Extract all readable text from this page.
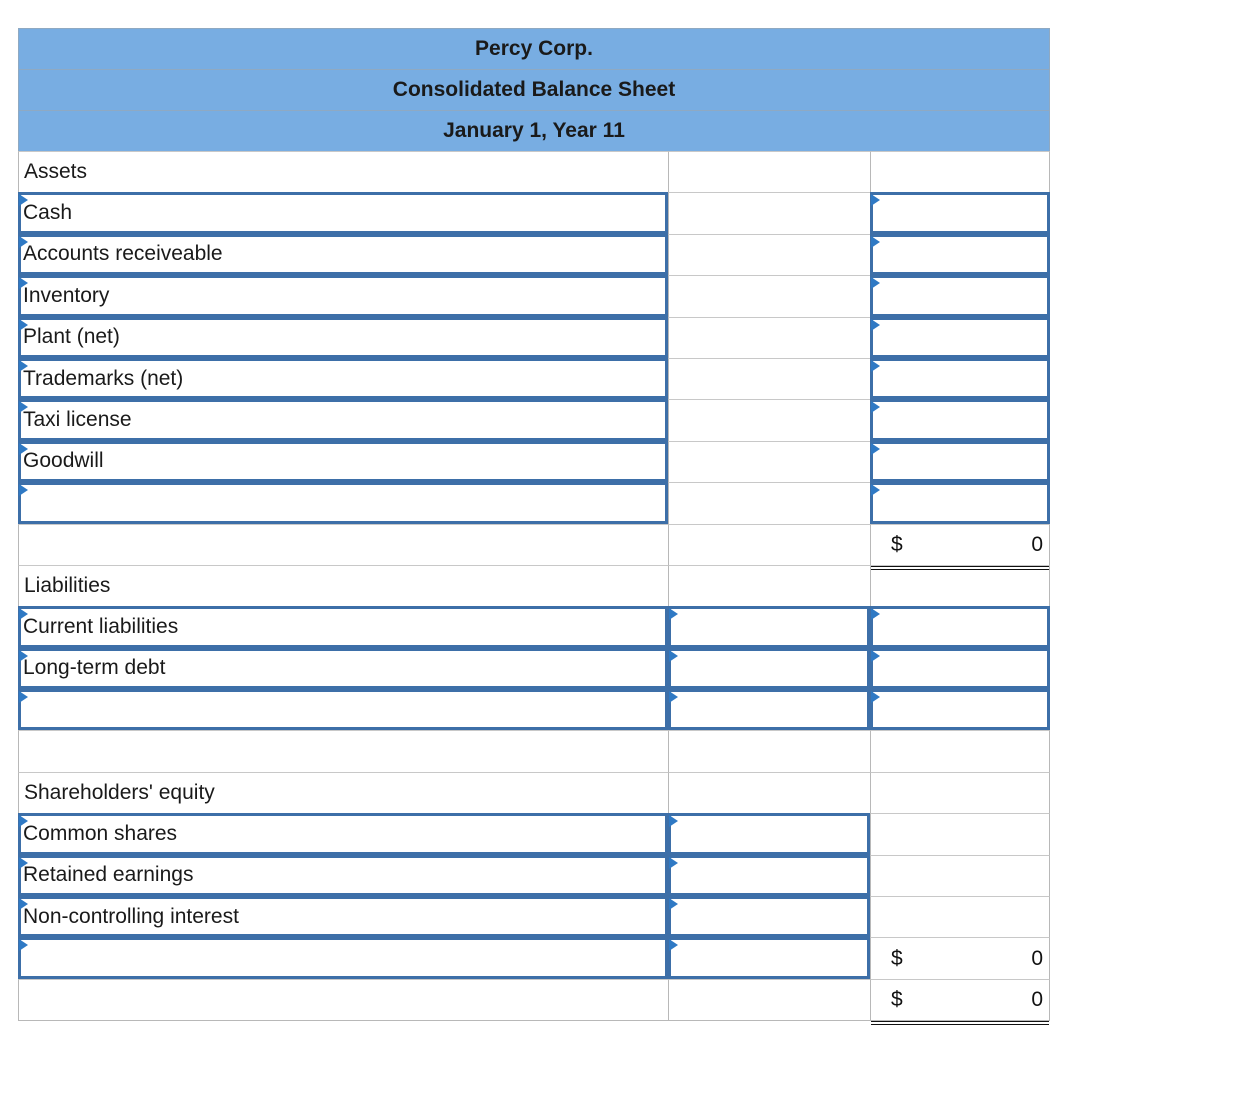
Percy Corp.
Consolidated Balance Sheet
January 1, Year 11
Assets
Cash
Accounts receiveable
Inventory
Plant (net)
Trademarks (net)
Taxi license
Goodwill
$	0
Liabilities
Current liabilities
Long-term debt
Shareholders' equity
Common shares
Retained earnings
Non-controlling interest
$	0
$	0
